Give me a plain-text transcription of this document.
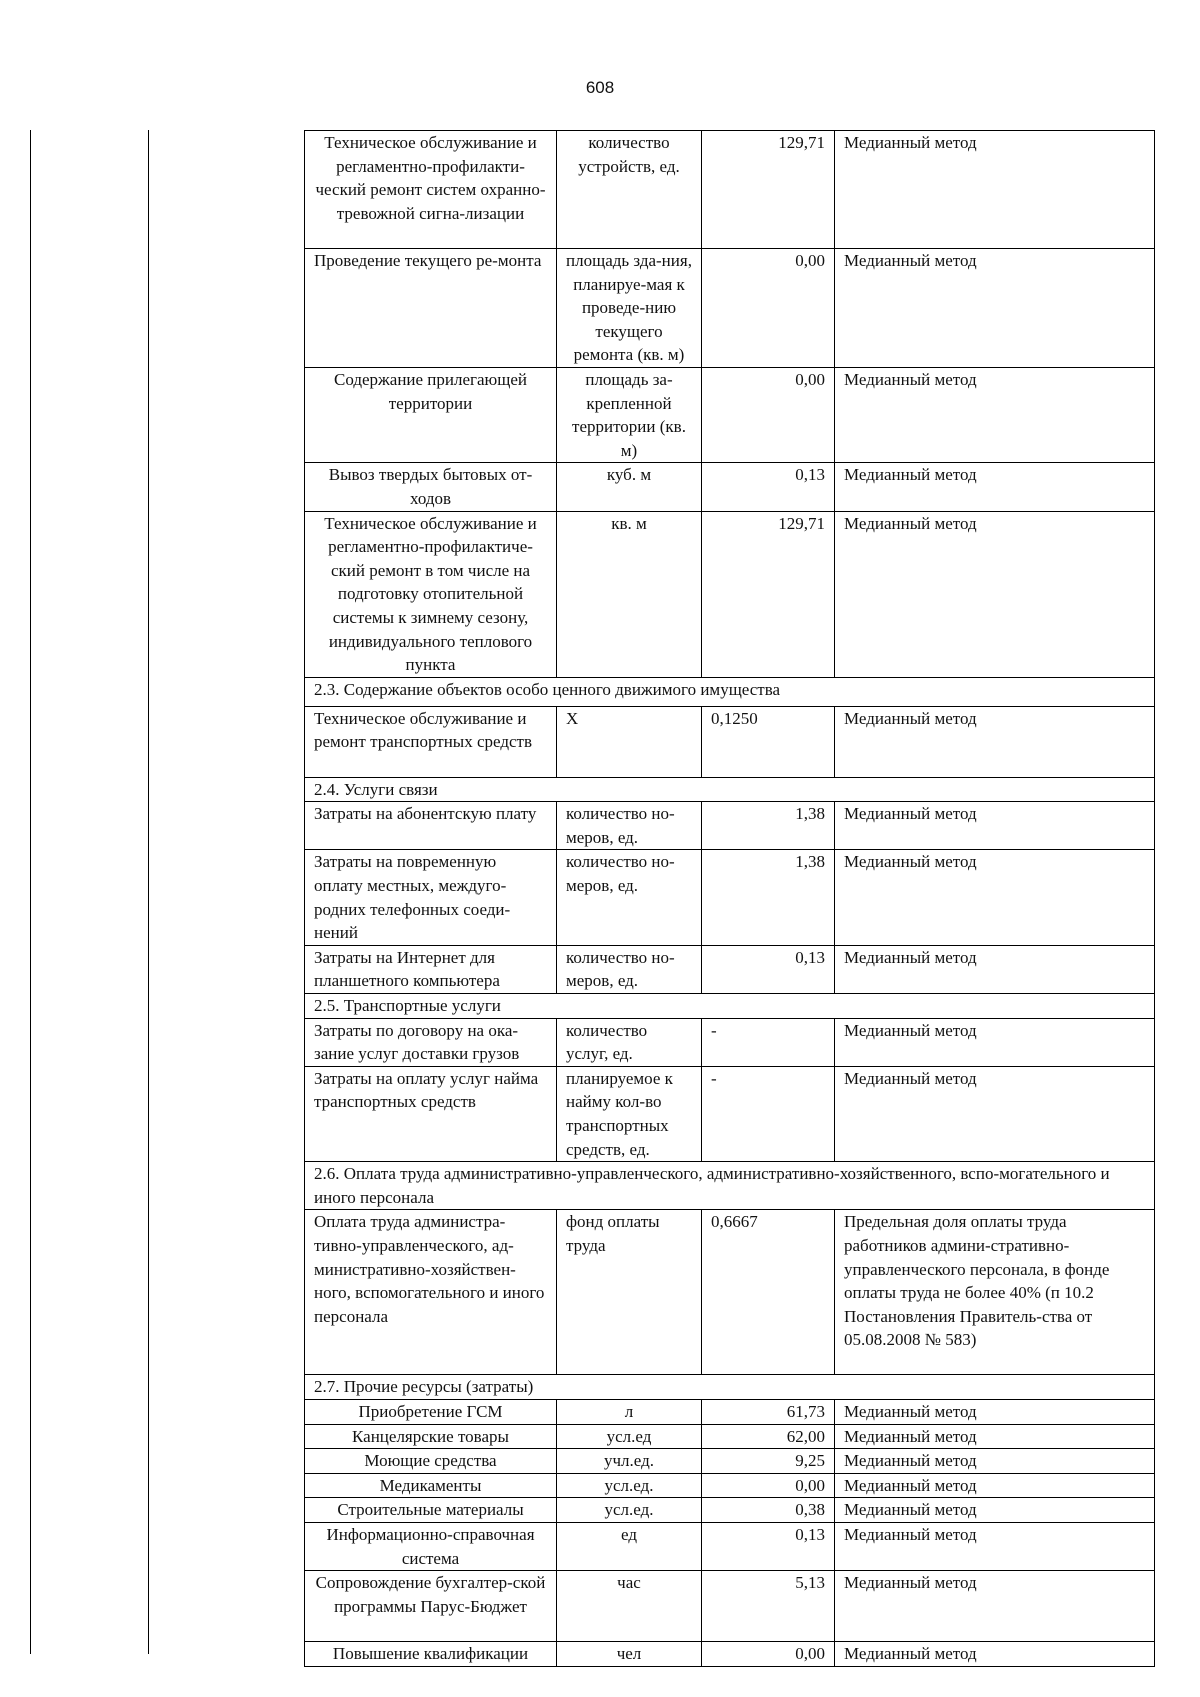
608
Техническое обслуживание и регламентно-профилакти-ческий ремонт систем охранно-тревожной сигна-лизации	количество устройств, ед.	129,71	Медианный метод
Проведение текущего ре-монта	площадь зда-ния, планируе-мая к проведе-нию текущего ремонта (кв. м)	0,00	Медианный метод
Содержание прилегающей территории	площадь за-крепленной территории (кв. м)	0,00	Медианный метод
Вывоз твердых бытовых от-ходов	куб. м	0,13	Медианный метод
Техническое обслуживание и регламентно-профилактиче-ский ремонт в том числе на подготовку отопительной системы к зимнему сезону, индивидуального теплового пункта	кв. м	129,71	Медианный метод
2.3. Содержание объектов особо ценного движимого имущества			
Техническое обслуживание и ремонт транспортных средств	Х	0,1250	Медианный метод
2.4. Услуги связи			
Затраты на абонентскую плату	количество но-меров, ед.	1,38	Медианный метод
Затраты на повременную оплату местных, междуго-родних телефонных соеди-нений	количество но-меров, ед.	1,38	Медианный метод
Затраты на Интернет для планшетного компьютера	количество но-меров, ед.	0,13	Медианный метод
2.5. Транспортные услуги			
Затраты по договору на ока-зание услуг доставки грузов	количество услуг, ед.	-	Медианный метод
Затраты на оплату услуг найма транспортных средств	планируемое к найму кол-во транспортных средств, ед.	-	Медианный метод
2.6. Оплата труда административно-управленческого, административно-хозяйственного, вспо-могательного и иного персонала			
Оплата труда администра-тивно-управленческого, ад-министративно-хозяйствен-ного, вспомогательного и иного персонала	фонд оплаты труда	0,6667	Предельная доля оплаты труда работников админи-стративно-управленческого персонала, в фонде оплаты труда не более 40% (п 10.2 Постановления Правитель-ства от 05.08.2008 № 583)
2.7. Прочие ресурсы (затраты)			
Приобретение ГСМ	л	61,73	Медианный метод
Канцелярские товары	усл.ед	62,00	Медианный метод
Моющие средства	учл.ед.	9,25	Медианный метод
Медикаменты	усл.ед.	0,00	Медианный метод
Строительные материалы	усл.ед.	0,38	Медианный метод
Информационно-справочная система	ед	0,13	Медианный метод
Сопровождение бухгалтер-ской программы Парус-Бюджет	час	5,13	Медианный метод
Повышение квалификации	чел	0,00	Медианный метод
